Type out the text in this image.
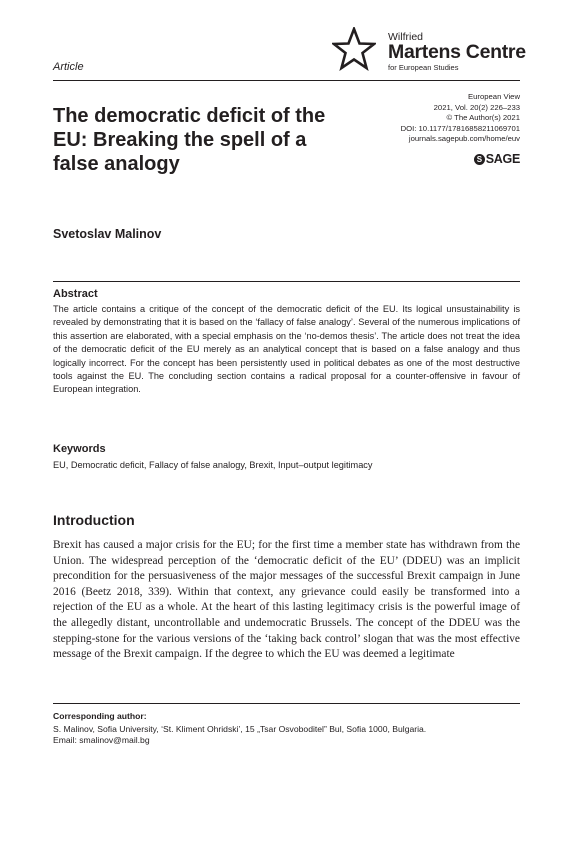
Wilfried
Martens Centre
for European Studies
Article
European View
2021, Vol. 20(2) 226–233
© The Author(s) 2021
DOI: 10.1177/17816858211069701
journals.sagepub.com/home/euv
S SAGE
The democratic deficit of the EU: Breaking the spell of a false analogy
Svetoslav Malinov
Abstract
The article contains a critique of the concept of the democratic deficit of the EU. Its logical unsustainability is revealed by demonstrating that it is based on the ‘fallacy of false analogy’. Several of the numerous implications of this assertion are elaborated, with a special emphasis on the ‘no-demos thesis’. The article does not treat the idea of the democratic deficit of the EU merely as an analytical concept that is based on a false analogy and thus logically incorrect. For the concept has been persistently used in political debates as one of the most destructive tools against the EU. The concluding section contains a radical proposal for a counter-offensive in favour of European integration.
Keywords
EU, Democratic deficit, Fallacy of false analogy, Brexit, Input–output legitimacy
Introduction
Brexit has caused a major crisis for the EU; for the first time a member state has withdrawn from the Union. The widespread perception of the ‘democratic deficit of the EU’ (DDEU) was an implicit precondition for the persuasiveness of the major messages of the successful Brexit campaign in June 2016 (Beetz 2018, 339). Within that context, any grievance could easily be transformed into a rejection of the EU as a whole. At the heart of this lasting legitimacy crisis is the powerful image of the allegedly distant, uncontrollable and undemocratic Brussels. The concept of the DDEU was the stepping-stone for the various versions of the ‘taking back control’ slogan that was the most effective message of the Brexit campaign. If the degree to which the EU was deemed a legitimate
Corresponding author:
S. Malinov, Sofia University, ‘St. Kliment Ohridski’, 15 „Tsar Osvoboditel” Bul, Sofia 1000, Bulgaria.
Email: smalinov@mail.bg
